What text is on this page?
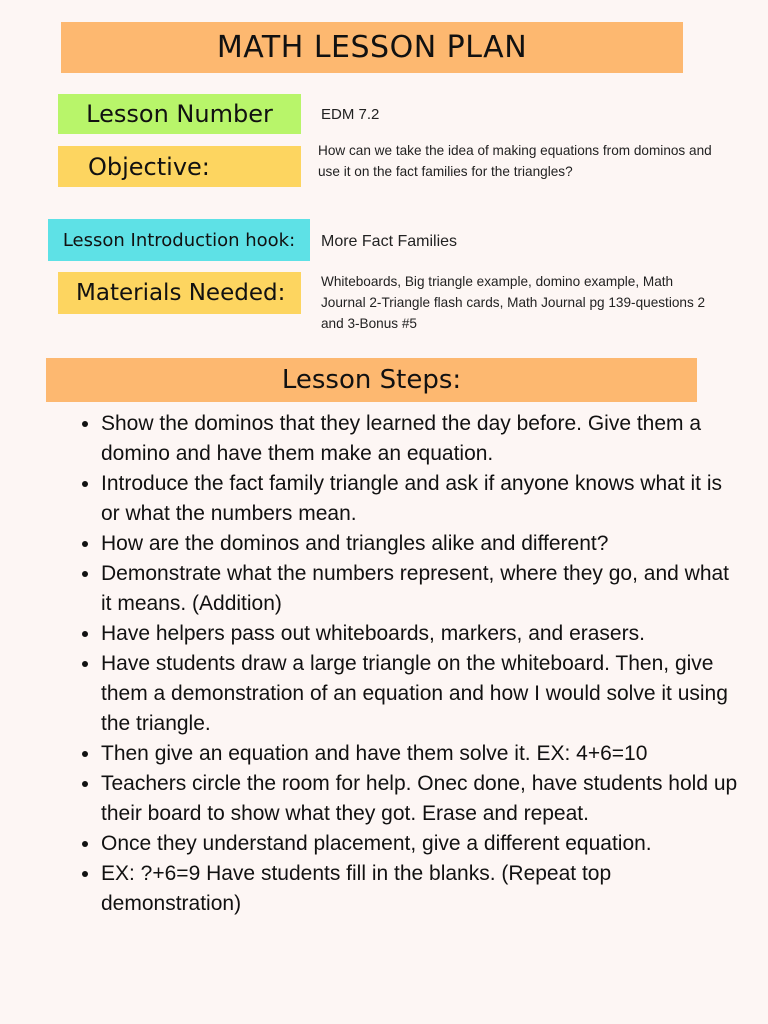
MATH LESSON PLAN
Lesson Number	EDM 7.2
Objective:
How can we take the idea of making equations from dominos and use it on the fact families for the triangles?
Lesson Introduction hook:	More Fact Families
Materials Needed:	Whiteboards, Big triangle example, domino example, Math Journal 2-Triangle flash cards, Math Journal pg 139-questions 2 and 3-Bonus #5
Lesson Steps:
• Show the dominos that they learned the day before. Give them a domino and have them make an equation.
• Introduce the fact family triangle and ask if anyone knows what it is or what the numbers mean.
• How are the dominos and triangles alike and different?
• Demonstrate what the numbers represent, where they go, and what it means. (Addition)
• Have helpers pass out whiteboards, markers, and erasers.
• Have students draw a large triangle on the whiteboard. Then, give them a demonstration of an equation and how I would solve it using the triangle.
• Then give an equation and have them solve it. EX: 4+6=10
• Teachers circle the room for help. Onec done, have students hold up their board to show what they got. Erase and repeat.
• Once they understand placement, give a different equation.
• EX: ?+6=9 Have students fill in the blanks. (Repeat top demonstration)
